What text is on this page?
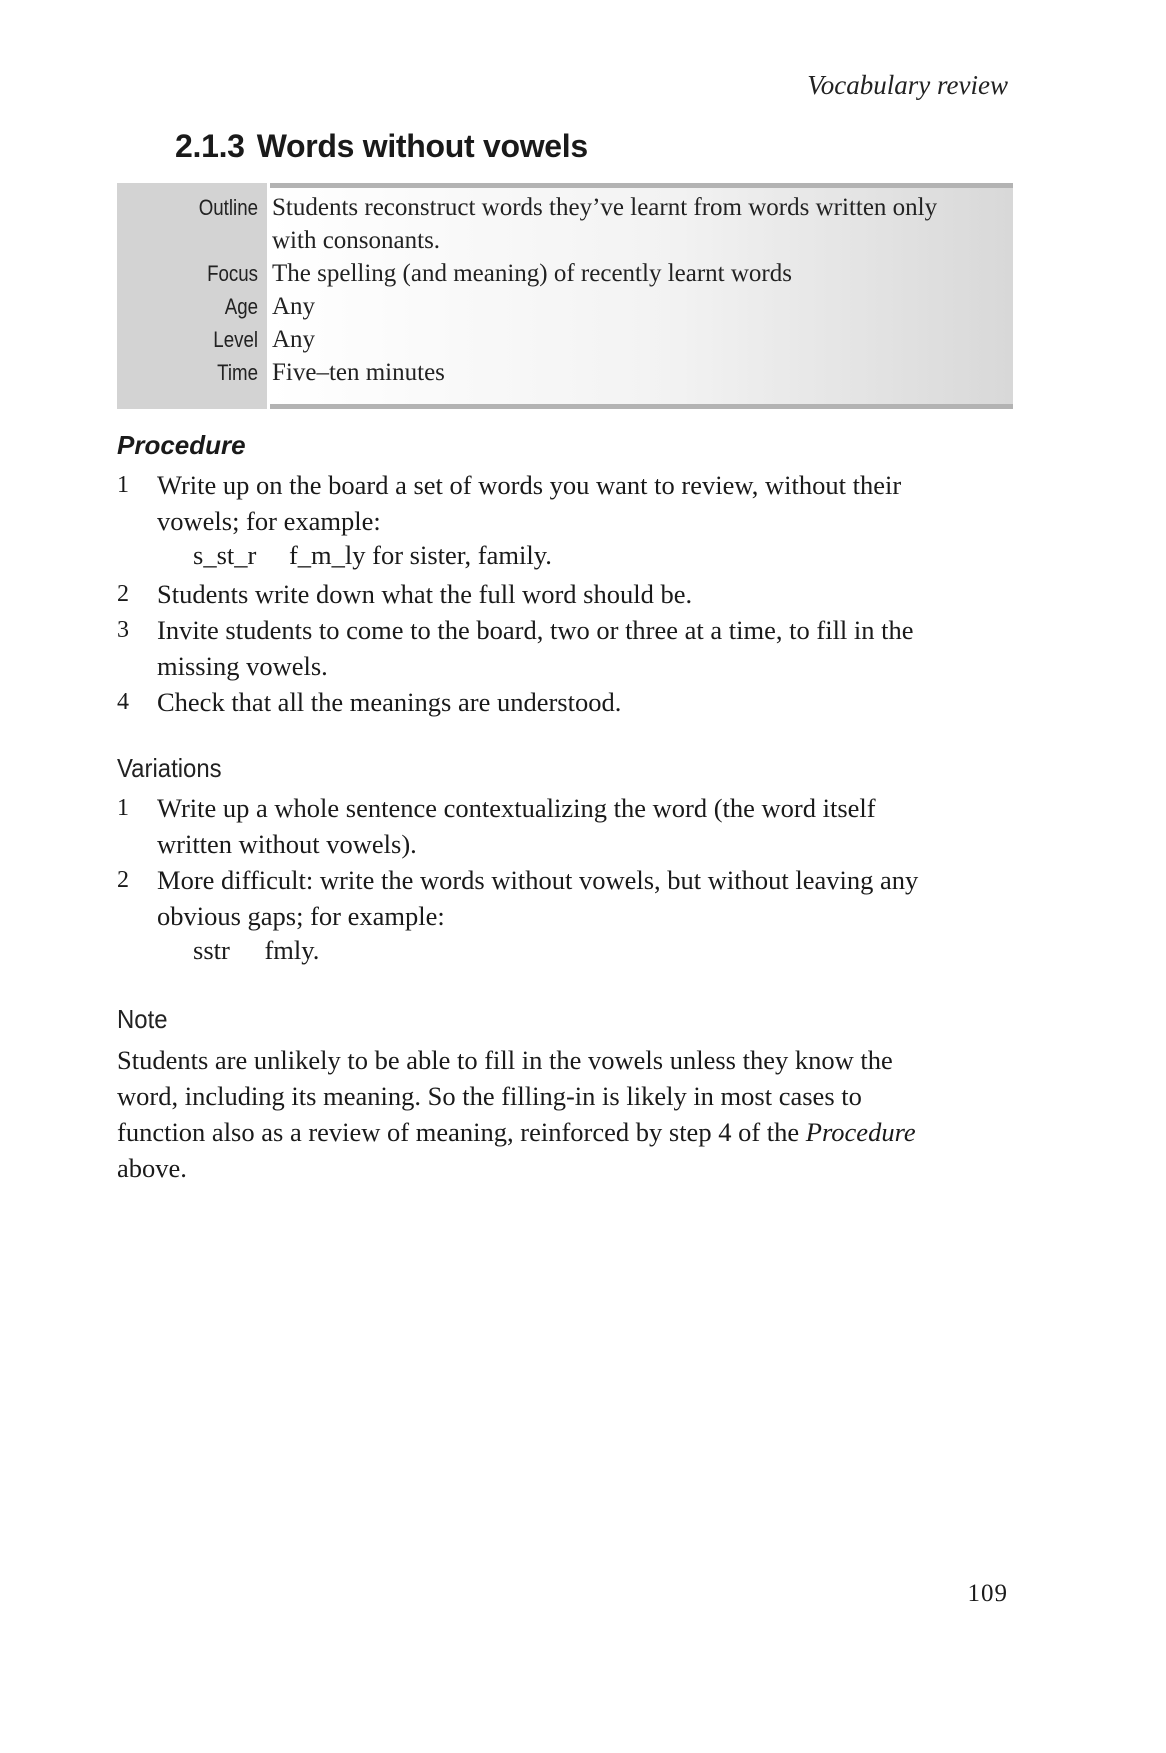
Vocabulary review
2.1.3 Words without vowels
Outline Students reconstruct words they’ve learnt from words written only
with consonants.
Focus The spelling (and meaning) of recently learnt words
Age Any
Level Any
Time Five–ten minutes
Procedure
1	Write up on the board a set of words you want to review, without their
vowels; for example:
s_st_r f_m_ly for sister, family.
2	Students write down what the full word should be.
3	Invite students to come to the board, two or three at a time, to fill in the
missing vowels.
4	Check that all the meanings are understood.
Variations
1	Write up a whole sentence contextualizing the word (the word itself
written without vowels).
2	More difficult: write the words without vowels, but without leaving any
obvious gaps; for example:
sstr fmly.
Note
Students are unlikely to be able to fill in the vowels unless they know the
word, including its meaning. So the filling-in is likely in most cases to
function also as a review of meaning, reinforced by step 4 of the Procedure
above.
109
